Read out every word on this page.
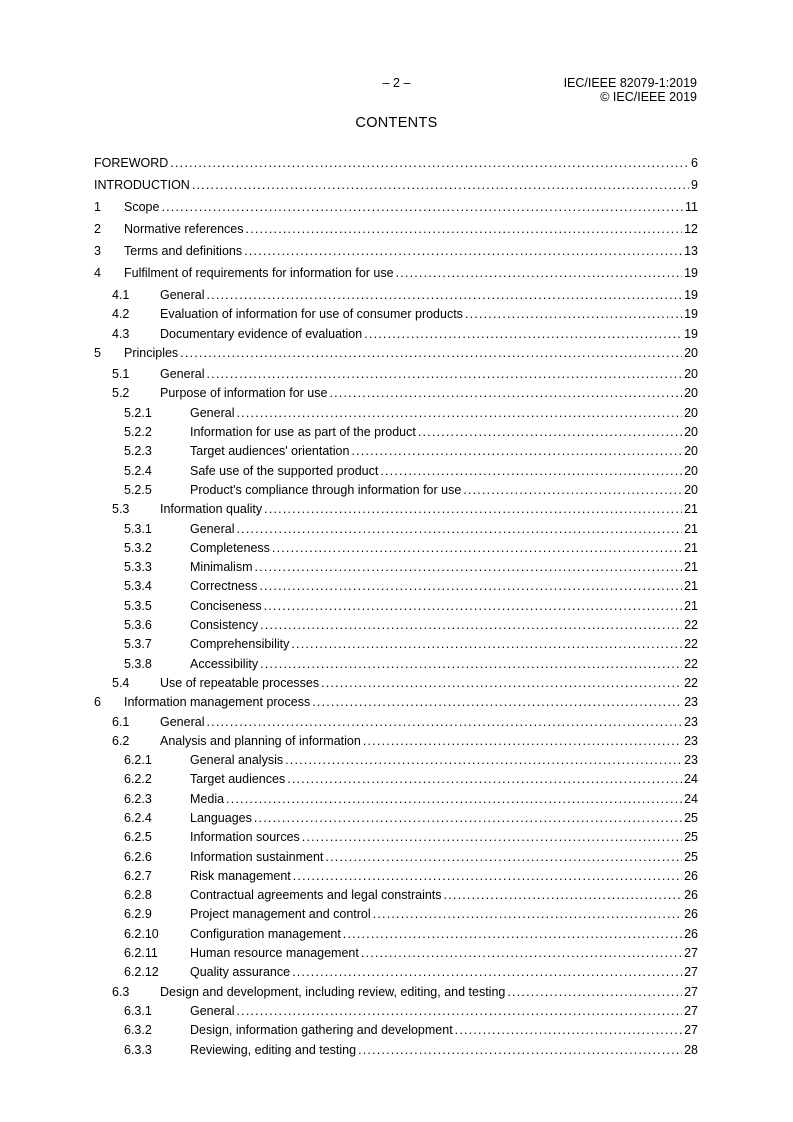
– 2 –	IEC/IEEE 82079-1:2019
© IEC/IEEE 2019
CONTENTS
FOREWORD .....	6
INTRODUCTION .....	9
1	Scope .....	11
2	Normative references .....	12
3	Terms and definitions .....	13
4	Fulfilment of requirements for information for use .....	19
4.1	General .....	19
4.2	Evaluation of information for use of consumer products .....	19
4.3	Documentary evidence of evaluation .....	19
5	Principles .....	20
5.1	General .....	20
5.2	Purpose of information for use .....	20
5.2.1	General .....	20
5.2.2	Information for use as part of the product .....	20
5.2.3	Target audiences' orientation .....	20
5.2.4	Safe use of the supported product .....	20
5.2.5	Product's compliance through information for use .....	20
5.3	Information quality .....	21
5.3.1	General .....	21
5.3.2	Completeness .....	21
5.3.3	Minimalism .....	21
5.3.4	Correctness .....	21
5.3.5	Conciseness .....	21
5.3.6	Consistency .....	22
5.3.7	Comprehensibility .....	22
5.3.8	Accessibility .....	22
5.4	Use of repeatable processes .....	22
6	Information management process .....	23
6.1	General .....	23
6.2	Analysis and planning of information .....	23
6.2.1	General analysis .....	23
6.2.2	Target audiences .....	24
6.2.3	Media .....	24
6.2.4	Languages .....	25
6.2.5	Information sources .....	25
6.2.6	Information sustainment .....	25
6.2.7	Risk management .....	26
6.2.8	Contractual agreements and legal constraints .....	26
6.2.9	Project management and control .....	26
6.2.10	Configuration management .....	26
6.2.11	Human resource management .....	27
6.2.12	Quality assurance .....	27
6.3	Design and development, including review, editing, and testing .....	27
6.3.1	General .....	27
6.3.2	Design, information gathering and development .....	27
6.3.3	Reviewing, editing and testing .....	28
